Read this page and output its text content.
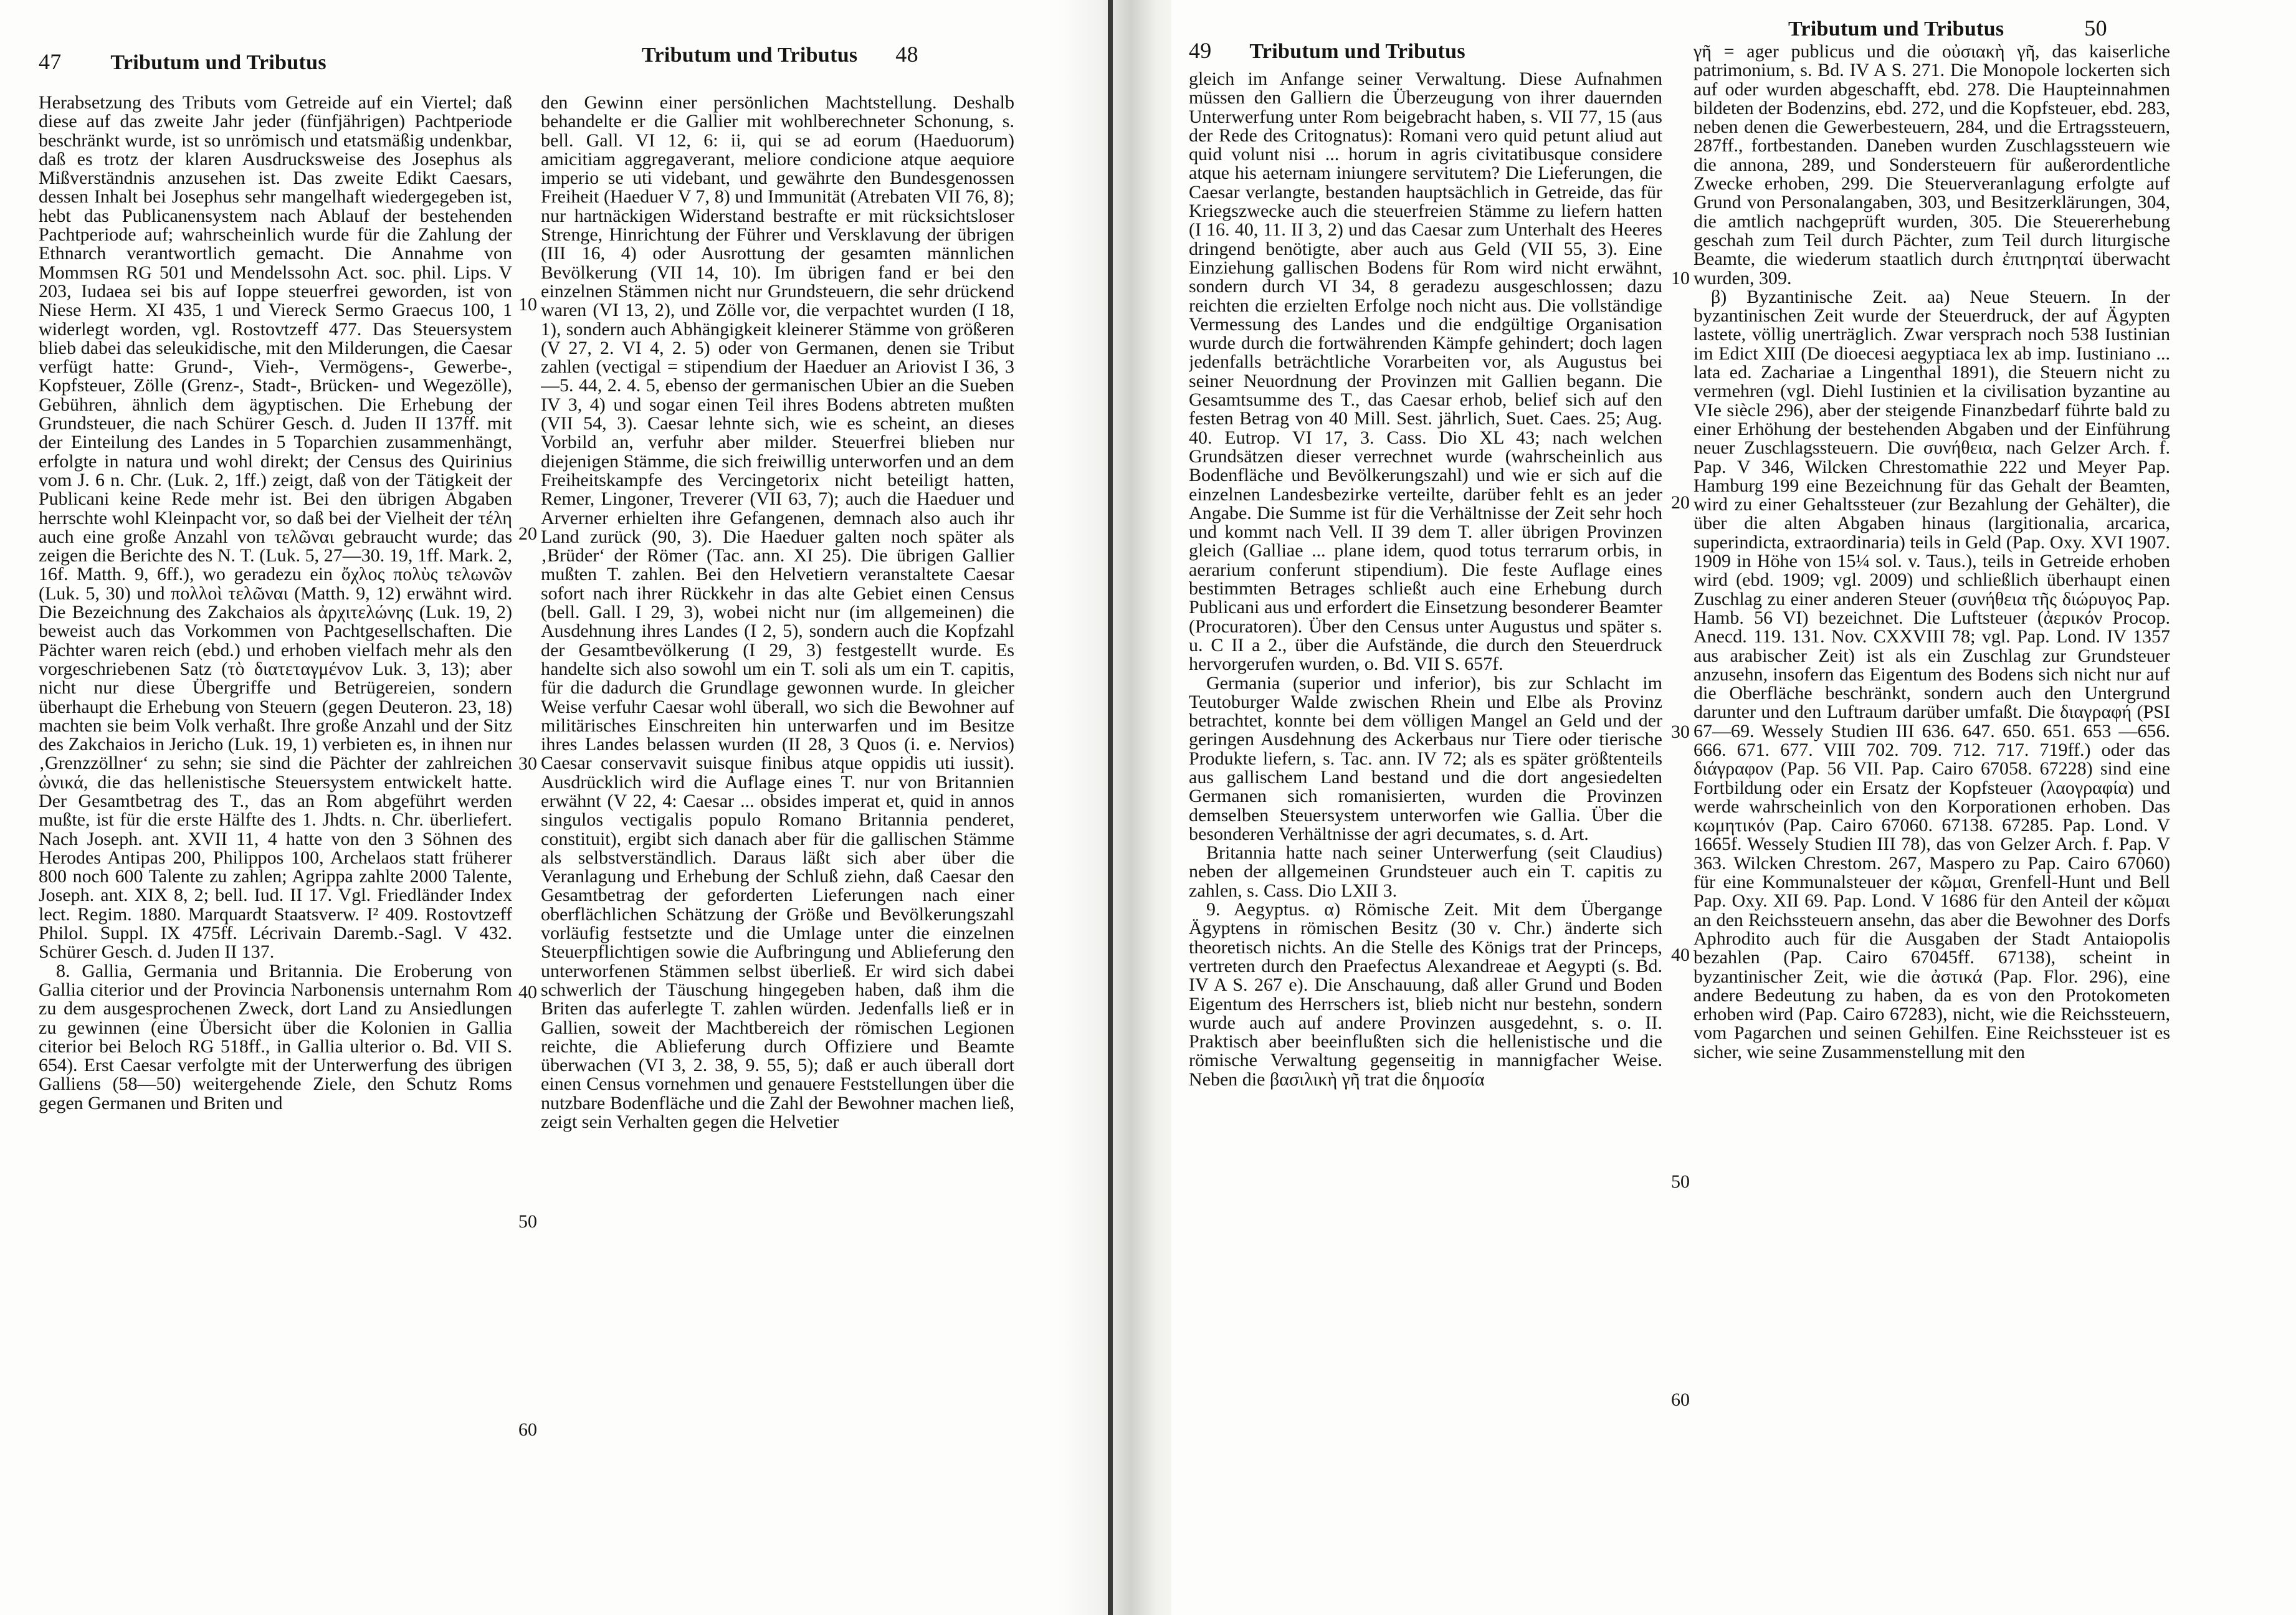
47 Tributum und Tributus	Tributum und Tributus 48

Herabsetzung des Tributs vom Getreide auf ein Viertel; daß diese auf das zweite Jahr jeder (fünfjährigen) Pachtperiode beschränkt wurde, ist so unrömisch und etatsmäßig undenkbar, daß es trotz der klaren Ausdrucksweise des Josephus als Mißverständnis anzusehen ist. Das zweite Edikt Caesars, dessen Inhalt bei Josephus sehr mangelhaft wiedergegeben ist, hebt das Publicanensystem nach Ablauf der bestehenden Pachtperiode auf; wahrscheinlich wurde für die Zahlung der Ethnarch verantwortlich gemacht. Die Annahme von Mommsen RG 501 und Mendelssohn Act. soc. phil. Lips. V 203, Iudaea sei bis auf Ioppe steuerfrei geworden, ist von Niese Herm. XI 435, 1 und Viereck Sermo Graecus 100, 1 widerlegt worden, vgl. Rostovtzeff 477. Das Steuersystem blieb dabei das seleukidische, mit den Milderungen, die Caesar verfügt hatte: Grund-, Vieh-, Vermögens-, Gewerbe-, Kopfsteuer, Zölle (Grenz-, Stadt-, Brücken- und Wegezölle), Gebühren, ähnlich dem ägyptischen. Die Erhebung der Grundsteuer, die nach Schürer Gesch. d. Juden II 137ff. mit der Einteilung des Landes in 5 Toparchien zusammenhängt, erfolgte in natura und wohl direkt; der Census des Quirinius vom J. 6 n. Chr. (Luk. 2, 1ff.) zeigt, daß von der Tätigkeit der Publicani keine Rede mehr ist. Bei den übrigen Abgaben herrschte wohl Kleinpacht vor, so daß bei der Vielheit der τέλη auch eine große Anzahl von τελῶναι gebraucht wurde; das zeigen die Berichte des N. T. (Luk. 5, 27—30. 19, 1ff. Mark. 2, 16f. Matth. 9, 6ff.), wo geradezu ein ὄχλος πολὺς τελωνῶν (Luk. 5, 30) und πολλοὶ τελῶναι (Matth. 9, 12) erwähnt wird. Die Bezeichnung des Zakchaios als ἀρχιτελώνης (Luk. 19, 2) beweist auch das Vorkommen von Pachtgesellschaften. Die Pächter waren reich (ebd.) und erhoben vielfach mehr als den vorgeschriebenen Satz (τὸ διατεταγμένον Luk. 3, 13); aber nicht nur diese Übergriffe und Betrügereien, sondern überhaupt die Erhebung von Steuern (gegen Deuteron. 23, 18) machten sie beim Volk verhaßt. Ihre große Anzahl und der Sitz des Zakchaios in Jericho (Luk. 19, 1) verbieten es, in ihnen nur ‚Grenzzöllner‘ zu sehn; sie sind die Pächter der zahlreichen ὠνικά, die das hellenistische Steuersystem entwickelt hatte. Der Gesamtbetrag des T., das an Rom abgeführt werden mußte, ist für die erste Hälfte des 1. Jhdts. n. Chr. überliefert. Nach Joseph. ant. XVII 11, 4 hatte von den 3 Söhnen des Herodes Antipas 200, Philippos 100, Archelaos statt früherer 800 noch 600 Talente zu zahlen; Agrippa zahlte 2000 Talente, Joseph. ant. XIX 8, 2; bell. Iud. II 17. Vgl. Friedländer Index lect. Regim. 1880. Marquardt Staatsverw. I² 409. Rostovtzeff Philol. Suppl. IX 475ff. Lécrivain Daremb.-Sagl. V 432. Schürer Gesch. d. Juden II 137.

8. Gallia, Germania und Britannia. Die Eroberung von Gallia citerior und der Provincia Narbonensis unternahm Rom zu dem ausgesprochenen Zweck, dort Land zu Ansiedlungen zu gewinnen (eine Übersicht über die Kolonien in Gallia citerior bei Beloch RG 518ff., in Gallia ulterior o. Bd. VII S. 654). Erst Caesar verfolgte mit der Unterwerfung des übrigen Galliens (58—50) weitergehende Ziele, den Schutz Roms gegen Germanen und Briten und

10
20
30
40
50
60

den Gewinn einer persönlichen Machtstellung. Deshalb behandelte er die Gallier mit wohlberechneter Schonung, s. bell. Gall. VI 12, 6: ii, qui se ad eorum (Haeduorum) amicitiam aggregaverant, meliore condicione atque aequiore imperio se uti videbant, und gewährte den Bundesgenossen Freiheit (Haeduer V 7, 8) und Immunität (Atrebaten VII 76, 8); nur hartnäckigen Widerstand bestrafte er mit rücksichtsloser Strenge, Hinrichtung der Führer und Versklavung der übrigen (III 16, 4) oder Ausrottung der gesamten männlichen Bevölkerung (VII 14, 10). Im übrigen fand er bei den einzelnen Stämmen nicht nur Grundsteuern, die sehr drückend waren (VI 13, 2), und Zölle vor, die verpachtet wurden (I 18, 1), sondern auch Abhängigkeit kleinerer Stämme von größeren (V 27, 2. VI 4, 2. 5) oder von Germanen, denen sie Tribut zahlen (vectigal = stipendium der Haeduer an Ariovist I 36, 3—5. 44, 2. 4. 5, ebenso der germanischen Ubier an die Sueben IV 3, 4) und sogar einen Teil ihres Bodens abtreten mußten (VII 54, 3). Caesar lehnte sich, wie es scheint, an dieses Vorbild an, verfuhr aber milder. Steuerfrei blieben nur diejenigen Stämme, die sich freiwillig unterworfen und an dem Freiheitskampfe des Vercingetorix nicht beteiligt hatten, Remer, Lingoner, Treverer (VII 63, 7); auch die Haeduer und Arverner erhielten ihre Gefangenen, demnach also auch ihr Land zurück (90, 3). Die Haeduer galten noch später als ‚Brüder‘ der Römer (Tac. ann. XI 25). Die übrigen Gallier mußten T. zahlen. Bei den Helvetiern veranstaltete Caesar sofort nach ihrer Rückkehr in das alte Gebiet einen Census (bell. Gall. I 29, 3), wobei nicht nur (im allgemeinen) die Ausdehnung ihres Landes (I 2, 5), sondern auch die Kopfzahl der Gesamtbevölkerung (I 29, 3) festgestellt wurde. Es handelte sich also sowohl um ein T. soli als um ein T. capitis, für die dadurch die Grundlage gewonnen wurde. In gleicher Weise verfuhr Caesar wohl überall, wo sich die Bewohner auf militärisches Einschreiten hin unterwarfen und im Besitze ihres Landes belassen wurden (II 28, 3 Quos (i. e. Nervios) Caesar conservavit suisque finibus atque oppidis uti iussit). Ausdrücklich wird die Auflage eines T. nur von Britannien erwähnt (V 22, 4: Caesar ... obsides imperat et, quid in annos singulos vectigalis populo Romano Britannia penderet, constituit), ergibt sich danach aber für die gallischen Stämme als selbstverständlich. Daraus läßt sich aber über die Veranlagung und Erhebung der Schluß ziehn, daß Caesar den Gesamtbetrag der geforderten Lieferungen nach einer oberflächlichen Schätzung der Größe und Bevölkerungszahl vorläufig festsetzte und die Umlage unter die einzelnen Steuerpflichtigen sowie die Aufbringung und Ablieferung den unterworfenen Stämmen selbst überließ. Er wird sich dabei schwerlich der Täuschung hingegeben haben, daß ihm die Briten das auferlegte T. zahlen würden. Jedenfalls ließ er in Gallien, soweit der Machtbereich der römischen Legionen reichte, die Ablieferung durch Offiziere und Beamte überwachen (VI 3, 2. 38, 9. 55, 5); daß er auch überall dort einen Census vornehmen und genauere Feststellungen über die nutzbare Bodenfläche und die Zahl der Bewohner machen ließ, zeigt sein Verhalten gegen die Helvetier

49 Tributum und Tributus
Tributum und Tributus	50

gleich im Anfange seiner Verwaltung. Diese Aufnahmen müssen den Galliern die Überzeugung von ihrer dauernden Unterwerfung unter Rom beigebracht haben, s. VII 77, 15 (aus der Rede des Critognatus): Romani vero quid petunt aliud aut quid volunt nisi ... horum in agris civitatibusque considere atque his aeternam iniungere servitutem? Die Lieferungen, die Caesar verlangte, bestanden hauptsächlich in Getreide, das für Kriegszwecke auch die steuerfreien Stämme zu liefern hatten (I 16. 40, 11. II 3, 2) und das Caesar zum Unterhalt des Heeres dringend benötigte, aber auch aus Geld (VII 55, 3). Eine Einziehung gallischen Bodens für Rom wird nicht erwähnt, sondern durch VI 34, 8 geradezu ausgeschlossen; dazu reichten die erzielten Erfolge noch nicht aus. Die vollständige Vermessung des Landes und die endgültige Organisation wurde durch die fortwährenden Kämpfe gehindert; doch lagen jedenfalls beträchtliche Vorarbeiten vor, als Augustus bei seiner Neuordnung der Provinzen mit Gallien begann. Die Gesamtsumme des T., das Caesar erhob, belief sich auf den festen Betrag von 40 Mill. Sest. jährlich, Suet. Caes. 25; Aug. 40. Eutrop. VI 17, 3. Cass. Dio XL 43; nach welchen Grundsätzen dieser verrechnet wurde (wahrscheinlich aus Bodenfläche und Bevölkerungszahl) und wie er sich auf die einzelnen Landesbezirke verteilte, darüber fehlt es an jeder Angabe. Die Summe ist für die Verhältnisse der Zeit sehr hoch und kommt nach Vell. II 39 dem T. aller übrigen Provinzen gleich (Galliae ... plane idem, quod totus terrarum orbis, in aerarium conferunt stipendium). Die feste Auflage eines bestimmten Betrages schließt auch eine Erhebung durch Publicani aus und erfordert die Einsetzung besonderer Beamter (Procuratoren). Über den Census unter Augustus und später s. u. C II a 2., über die Aufstände, die durch den Steuerdruck hervorgerufen wurden, o. Bd. VII S. 657f.

Germania (superior und inferior), bis zur Schlacht im Teutoburger Walde zwischen Rhein und Elbe als Provinz betrachtet, konnte bei dem völligen Mangel an Geld und der geringen Ausdehnung des Ackerbaus nur Tiere oder tierische Produkte liefern, s. Tac. ann. IV 72; als es später größtenteils aus gallischem Land bestand und die dort angesiedelten Germanen sich romanisierten, wurden die Provinzen demselben Steuersystem unterworfen wie Gallia. Über die besonderen Verhältnisse der agri decumates, s. d. Art.

Britannia hatte nach seiner Unterwerfung (seit Claudius) neben der allgemeinen Grundsteuer auch ein T. capitis zu zahlen, s. Cass. Dio LXII 3.

9. Aegyptus. α) Römische Zeit. Mit dem Übergange Ägyptens in römischen Besitz (30 v. Chr.) änderte sich theoretisch nichts. An die Stelle des Königs trat der Princeps, vertreten durch den Praefectus Alexandreae et Aegypti (s. Bd. IV A S. 267 e). Die Anschauung, daß aller Grund und Boden Eigentum des Herrschers ist, blieb nicht nur bestehn, sondern wurde auch auf andere Provinzen ausgedehnt, s. o. II. Praktisch aber beeinflußten sich die hellenistische und die römische Verwaltung gegenseitig in mannigfacher Weise. Neben die βασιλικὴ γῆ trat die δημοσία

10
20
30
40
50
60

γῆ = ager publicus und die οὐσιακὴ γῆ, das kaiserliche patrimonium, s. Bd. IV A S. 271. Die Monopole lockerten sich auf oder wurden abgeschafft, ebd. 278. Die Haupteinnahmen bildeten der Bodenzins, ebd. 272, und die Kopfsteuer, ebd. 283, neben denen die Gewerbesteuern, 284, und die Ertragssteuern, 287ff., fortbestanden. Daneben wurden Zuschlagssteuern wie die annona, 289, und Sondersteuern für außerordentliche Zwecke erhoben, 299. Die Steuerveranlagung erfolgte auf Grund von Personalangaben, 303, und Besitzerklärungen, 304, die amtlich nachgeprüft wurden, 305. Die Steuererhebung geschah zum Teil durch Pächter, zum Teil durch liturgische Beamte, die wiederum staatlich durch ἐπιτηρηταί überwacht wurden, 309.

β) Byzantinische Zeit. aa) Neue Steuern. In der byzantinischen Zeit wurde der Steuerdruck, der auf Ägypten lastete, völlig unerträglich. Zwar versprach noch 538 Iustinian im Edict XIII (De dioecesi aegyptiaca lex ab imp. Iustiniano ... lata ed. Zachariae a Lingenthal 1891), die Steuern nicht zu vermehren (vgl. Diehl Iustinien et la civilisation byzantine au VIe siècle 296), aber der steigende Finanzbedarf führte bald zu einer Erhöhung der bestehenden Abgaben und der Einführung neuer Zuschlagssteuern. Die συνήθεια, nach Gelzer Arch. f. Pap. V 346, Wilcken Chrestomathie 222 und Meyer Pap. Hamburg 199 eine Bezeichnung für das Gehalt der Beamten, wird zu einer Gehaltssteuer (zur Bezahlung der Gehälter), die über die alten Abgaben hinaus (largitionalia, arcarica, superindicta, extraordinaria) teils in Geld (Pap. Oxy. XVI 1907. 1909 in Höhe von 15¼ sol. v. Taus.), teils in Getreide erhoben wird (ebd. 1909; vgl. 2009) und schließlich überhaupt einen Zuschlag zu einer anderen Steuer (συνήθεια τῆς διώρυγος Pap. Hamb. 56 VI) bezeichnet. Die Luftsteuer (ἀερικόν Procop. Anecd. 119. 131. Nov. CXXVIII 78; vgl. Pap. Lond. IV 1357 aus arabischer Zeit) ist als ein Zuschlag zur Grundsteuer anzusehn, insofern das Eigentum des Bodens sich nicht nur auf die Oberfläche beschränkt, sondern auch den Untergrund darunter und den Luftraum darüber umfaßt. Die διαγραφή (PSI 67—69. Wessely Studien III 636. 647. 650. 651. 653 —656. 666. 671. 677. VIII 702. 709. 712. 717. 719ff.) oder das διάγραφον (Pap. 56 VII. Pap. Cairo 67058. 67228) sind eine Fortbildung oder ein Ersatz der Kopfsteuer (λαογραφία) und werde wahrscheinlich von den Korporationen erhoben. Das κωμητικόν (Pap. Cairo 67060. 67138. 67285. Pap. Lond. V 1665f. Wessely Studien III 78), das von Gelzer Arch. f. Pap. V 363. Wilcken Chrestom. 267, Maspero zu Pap. Cairo 67060) für eine Kommunalsteuer der κῶμαι, Grenfell-Hunt und Bell Pap. Oxy. XII 69. Pap. Lond. V 1686 für den Anteil der κῶμαι an den Reichssteuern ansehn, das aber die Bewohner des Dorfs Aphrodito auch für die Ausgaben der Stadt Antaiopolis bezahlen (Pap. Cairo 67045ff. 67138), scheint in byzantinischer Zeit, wie die ἀστικά (Pap. Flor. 296), eine andere Bedeutung zu haben, da es von den Protokometen erhoben wird (Pap. Cairo 67283), nicht, wie die Reichssteuern, vom Pagarchen und seinen Gehilfen. Eine Reichssteuer ist es sicher, wie seine Zusammenstellung mit den
